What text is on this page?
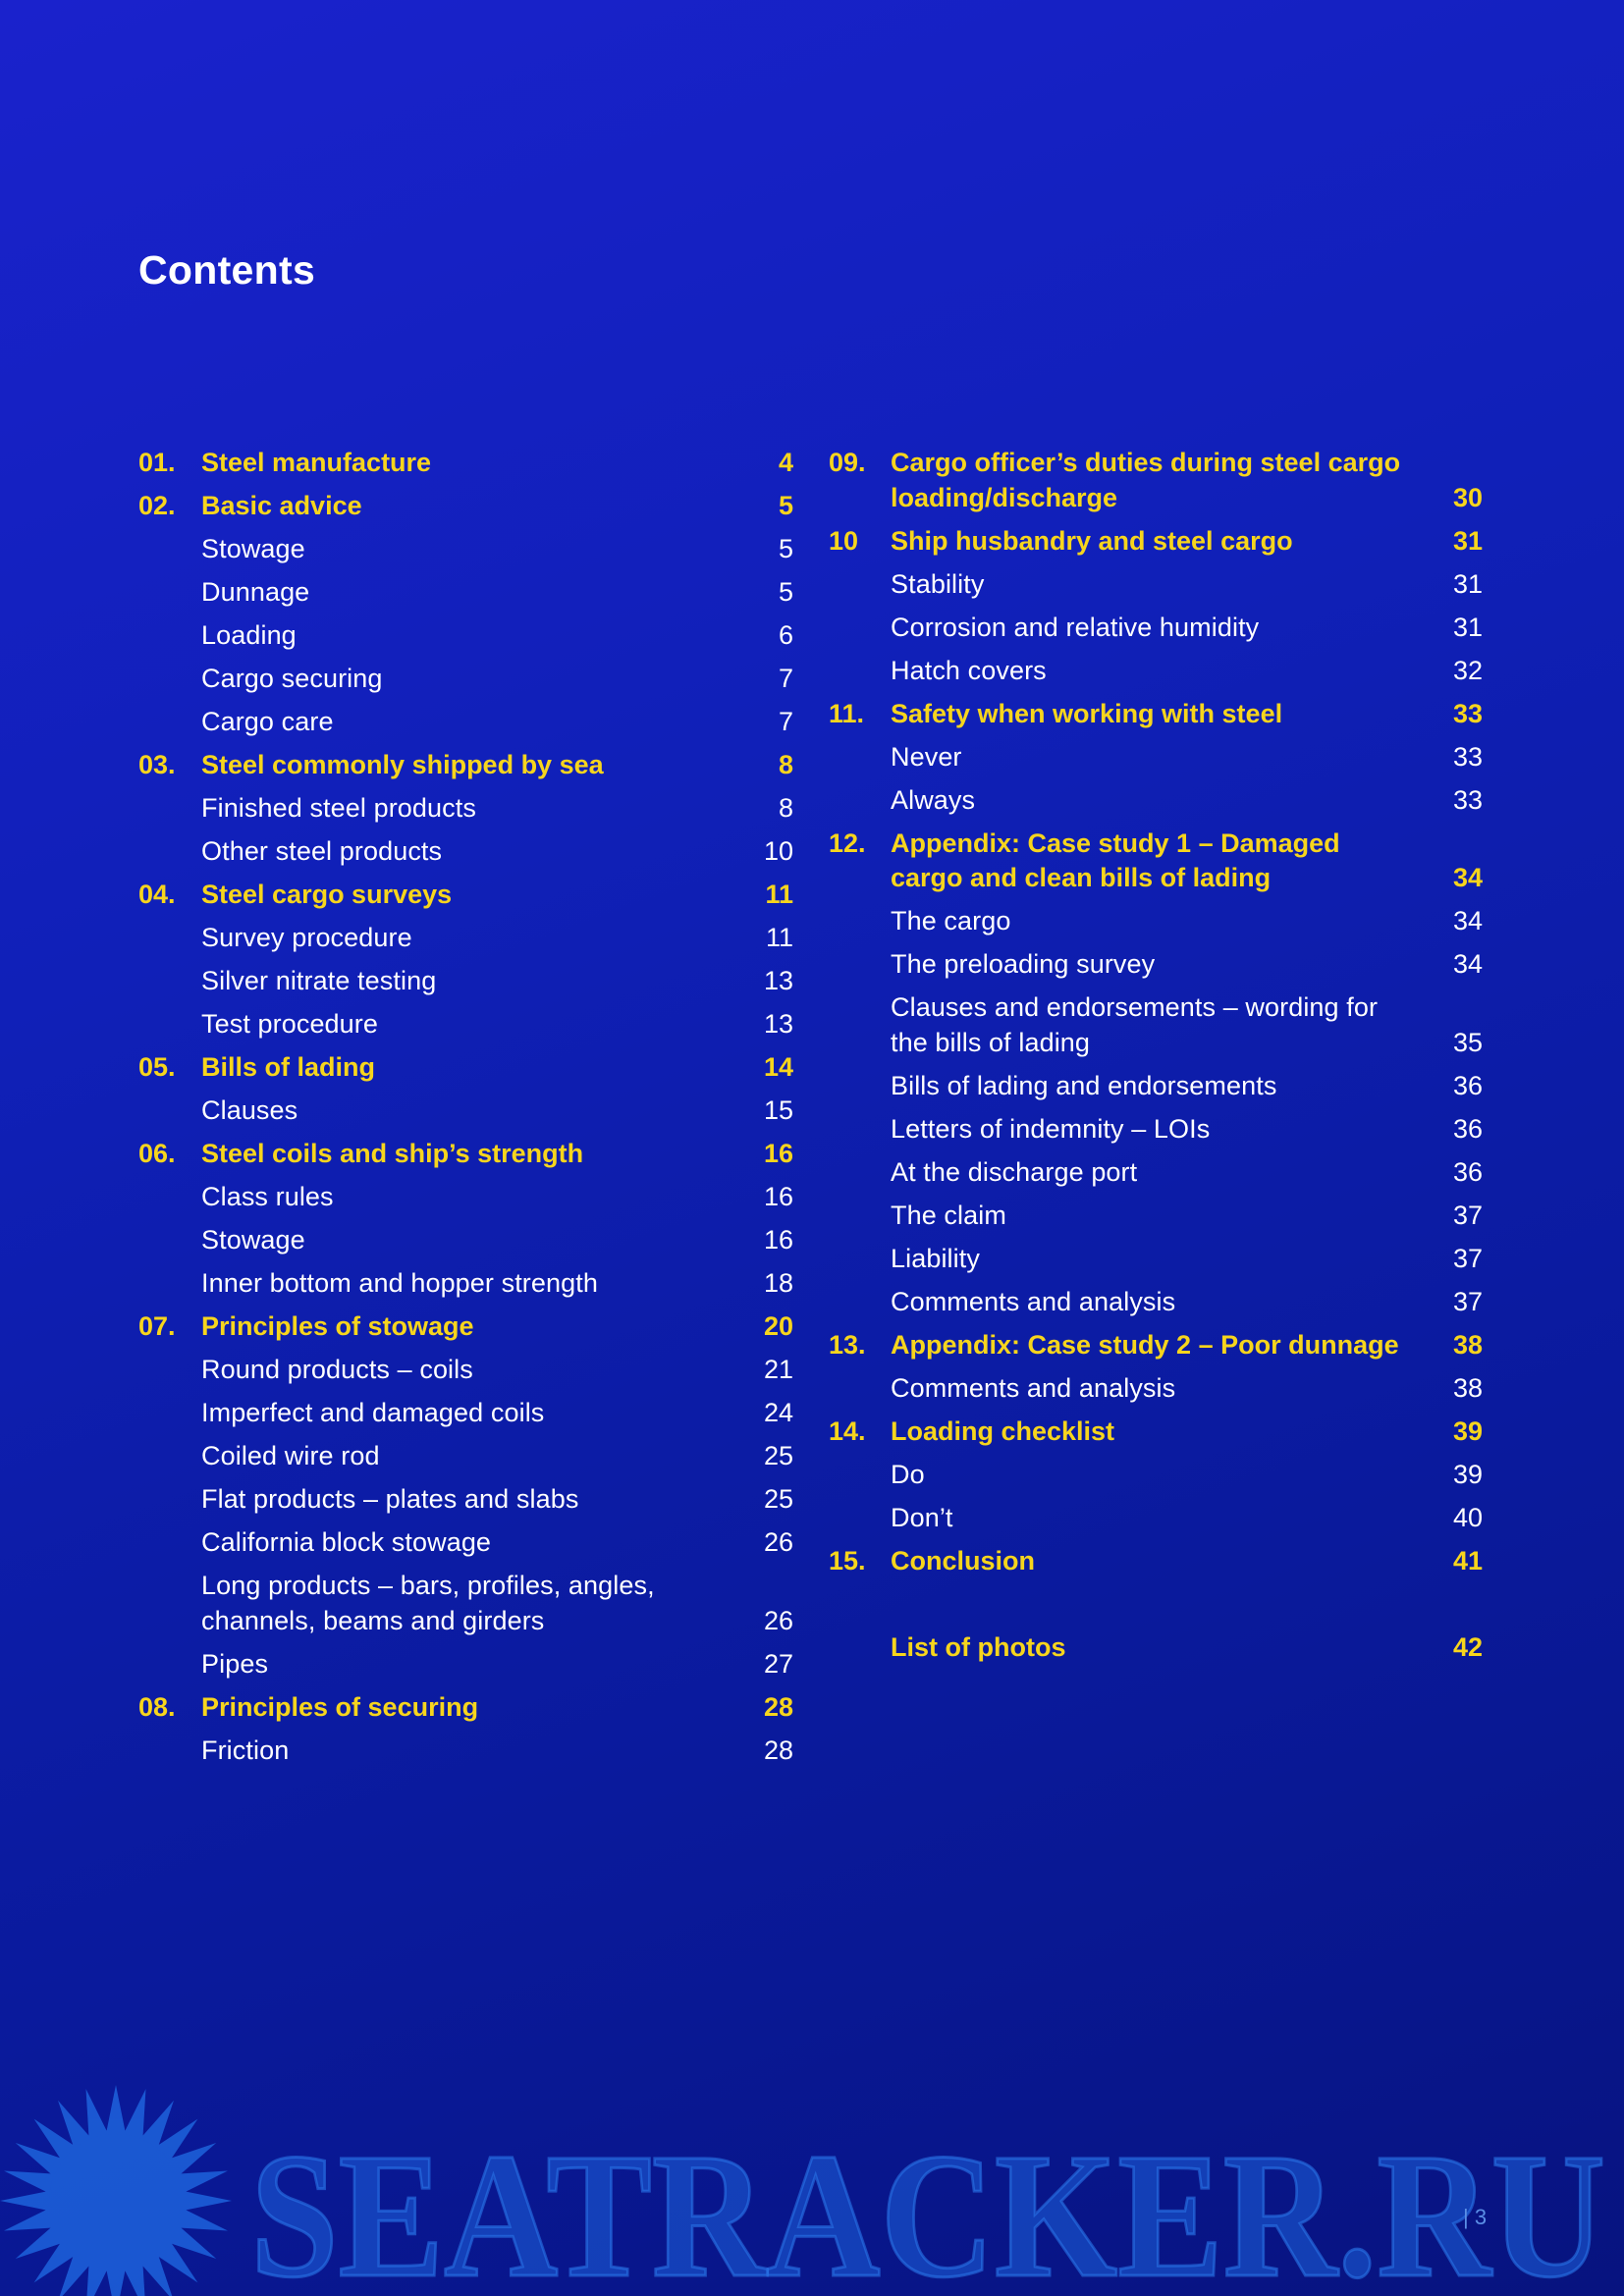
Contents
01. Steel manufacture	4
02. Basic advice	5
Stowage	5
Dunnage	5
Loading	6
Cargo securing	7
Cargo care	7
03. Steel commonly shipped by sea	8
Finished steel products	8
Other steel products	10
04. Steel cargo surveys	11
Survey procedure	11
Silver nitrate testing	13
Test procedure	13
05. Bills of lading	14
Clauses	15
06. Steel coils and ship’s strength	16
Class rules	16
Stowage	16
Inner bottom and hopper strength	18
07. Principles of stowage	20
Round products – coils	21
Imperfect and damaged coils	24
Coiled wire rod	25
Flat products – plates and slabs	25
California block stowage	26
Long products – bars, profiles, angles, channels, beams and girders	26
Pipes	27
08. Principles of securing	28
Friction	28
09. Cargo officer’s duties during steel cargo loading/discharge	30
10 Ship husbandry and steel cargo	31
Stability	31
Corrosion and relative humidity	31
Hatch covers	32
11. Safety when working with steel	33
Never	33
Always	33
12. Appendix: Case study 1 – Damaged cargo and clean bills of lading	34
The cargo	34
The preloading survey	34
Clauses and endorsements – wording for the bills of lading	35
Bills of lading and endorsements	36
Letters of indemnity – LOIs	36
At the discharge port	36
The claim	37
Liability	37
Comments and analysis	37
13. Appendix: Case study 2 – Poor dunnage	38
Comments and analysis	38
14. Loading checklist	39
Do	39
Don’t	40
15. Conclusion	41
List of photos	42
SEATRACKER.RU
| 3
